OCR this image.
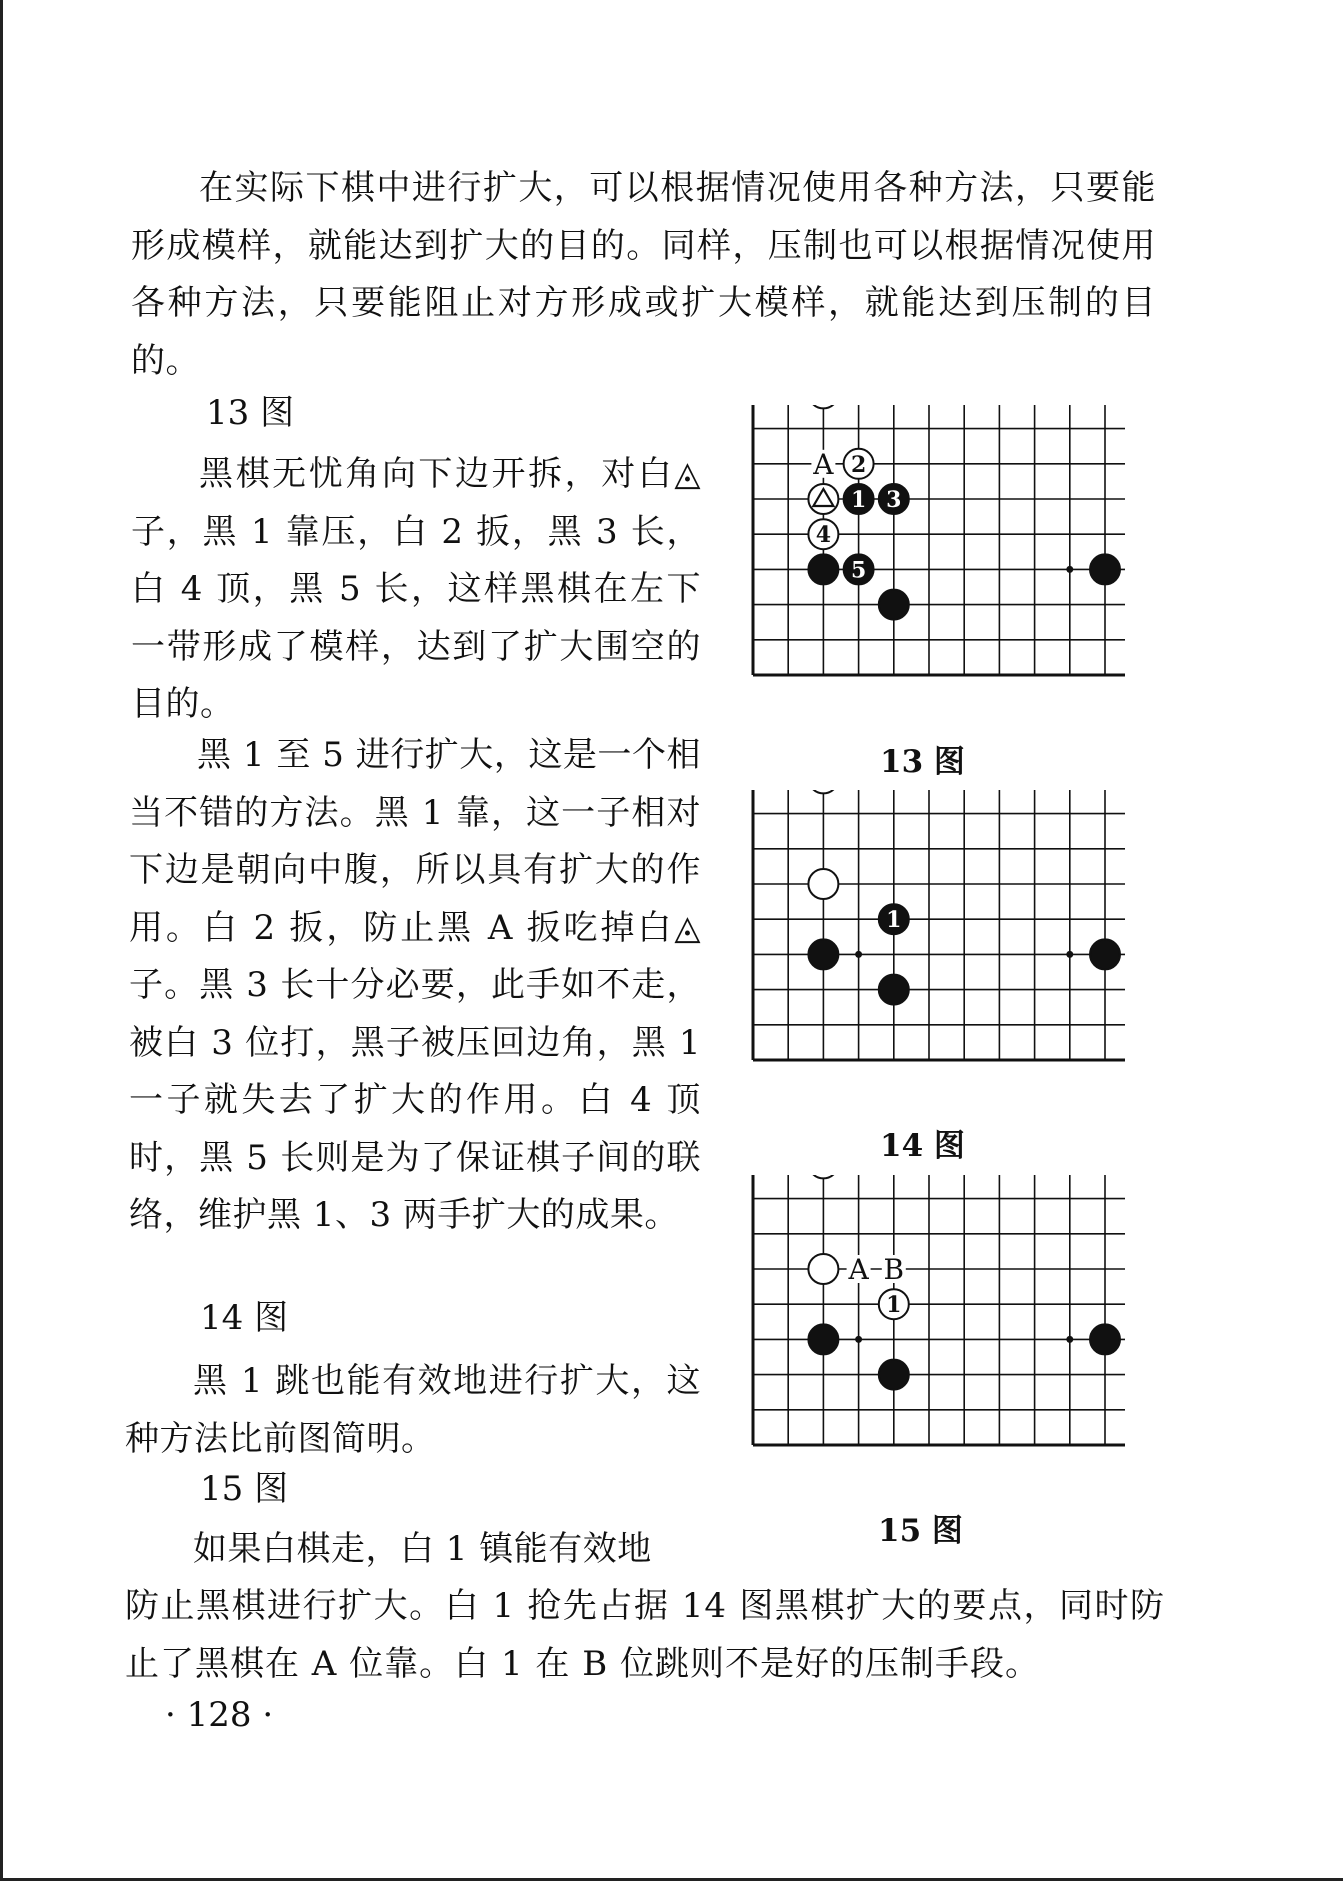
在实际下棋中进行扩大，可以根据情况使用各种方法，只要能形成模样，就能达到扩大的目的。同样，压制也可以根据情况使用各种方法，只要能阻止对方形成或扩大模样，就能达到压制的目的。

13 图

黑棋无忧角向下边开拆，对白◬子，黑 1 靠压，白 2 扳，黑 3 长，白 4 顶，黑 5 长，这样黑棋在左下一带形成了模样，达到了扩大围空的目的。

黑 1 至 5 进行扩大，这是一个相当不错的方法。黑 1 靠，这一子相对下边是朝向中腹，所以具有扩大的作用。白 2 扳，防止黑 A 扳吃掉白◬子。黑 3 长十分必要，此手如不走，被白 3 位打，黑子被压回边角，黑 1 一子就失去了扩大的作用。白 4 顶时，黑 5 长则是为了保证棋子间的联络，维护黑 1、3 两手扩大的成果。

14 图

黑 1 跳也能有效地进行扩大，这种方法比前图简明。

15 图

如果白棋走，白 1 镇能有效地

防止黑棋进行扩大。白 1 抢先占据 14 图黑棋扩大的要点，同时防止了黑棋在 A 位靠。白 1 在 B 位跳则不是好的压制手段。

A 2
1 3
4
5

13 图

1

14 图

A B
1

15 图

· 128 ·
